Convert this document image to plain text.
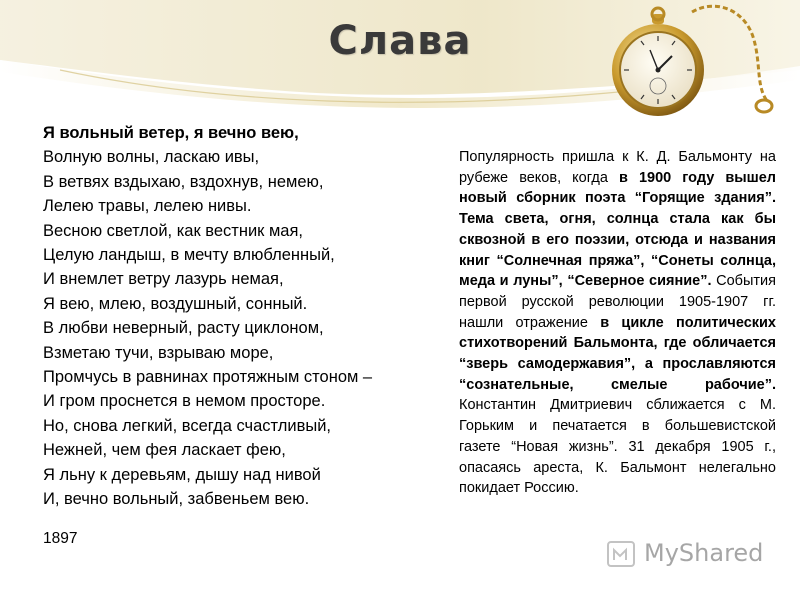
Слава
Я вольный ветер, я вечно вею,
Волную волны, ласкаю ивы,
В ветвях вздыхаю, вздохнув, немею,
Лелею травы, лелею нивы.
Весною светлой, как вестник мая,
Целую ландыш, в мечту влюбленный,
И внемлет ветру лазурь немая,
Я вею, млею, воздушный, сонный.
В любви неверный, расту циклоном,
Взметаю тучи, взрываю море,
Промчусь в равнинах протяжным стоном –
И гром проснется в немом просторе.
Но, снова легкий, всегда счастливый,
Нежней, чем фея ласкает фею,
Я льну к деревьям, дышу над нивой
И, вечно вольный, забвеньем вею.
1897
Популярность пришла к К. Д. Бальмонту на рубеже веков, когда в 1900 году вышел новый сборник поэта “Горящие здания”. Тема света, огня, солнца стала как бы сквозной в его поэзии, отсюда и названия книг “Солнечная пряжа”, “Сонеты солнца, меда и луны”, “Северное сияние”. События первой русской революции 1905-1907 гг. нашли отражение в цикле политических стихотворений Бальмонта, где обличается “зверь самодержавия”, а прославляются “сознательные, смелые рабочие”. Константин Дмитриевич сближается с М. Горьким и печатается в большевистской газете “Новая жизнь”. 31 декабря 1905 г., опасаясь ареста, К. Бальмонт нелегально покидает Россию.
MyShared
